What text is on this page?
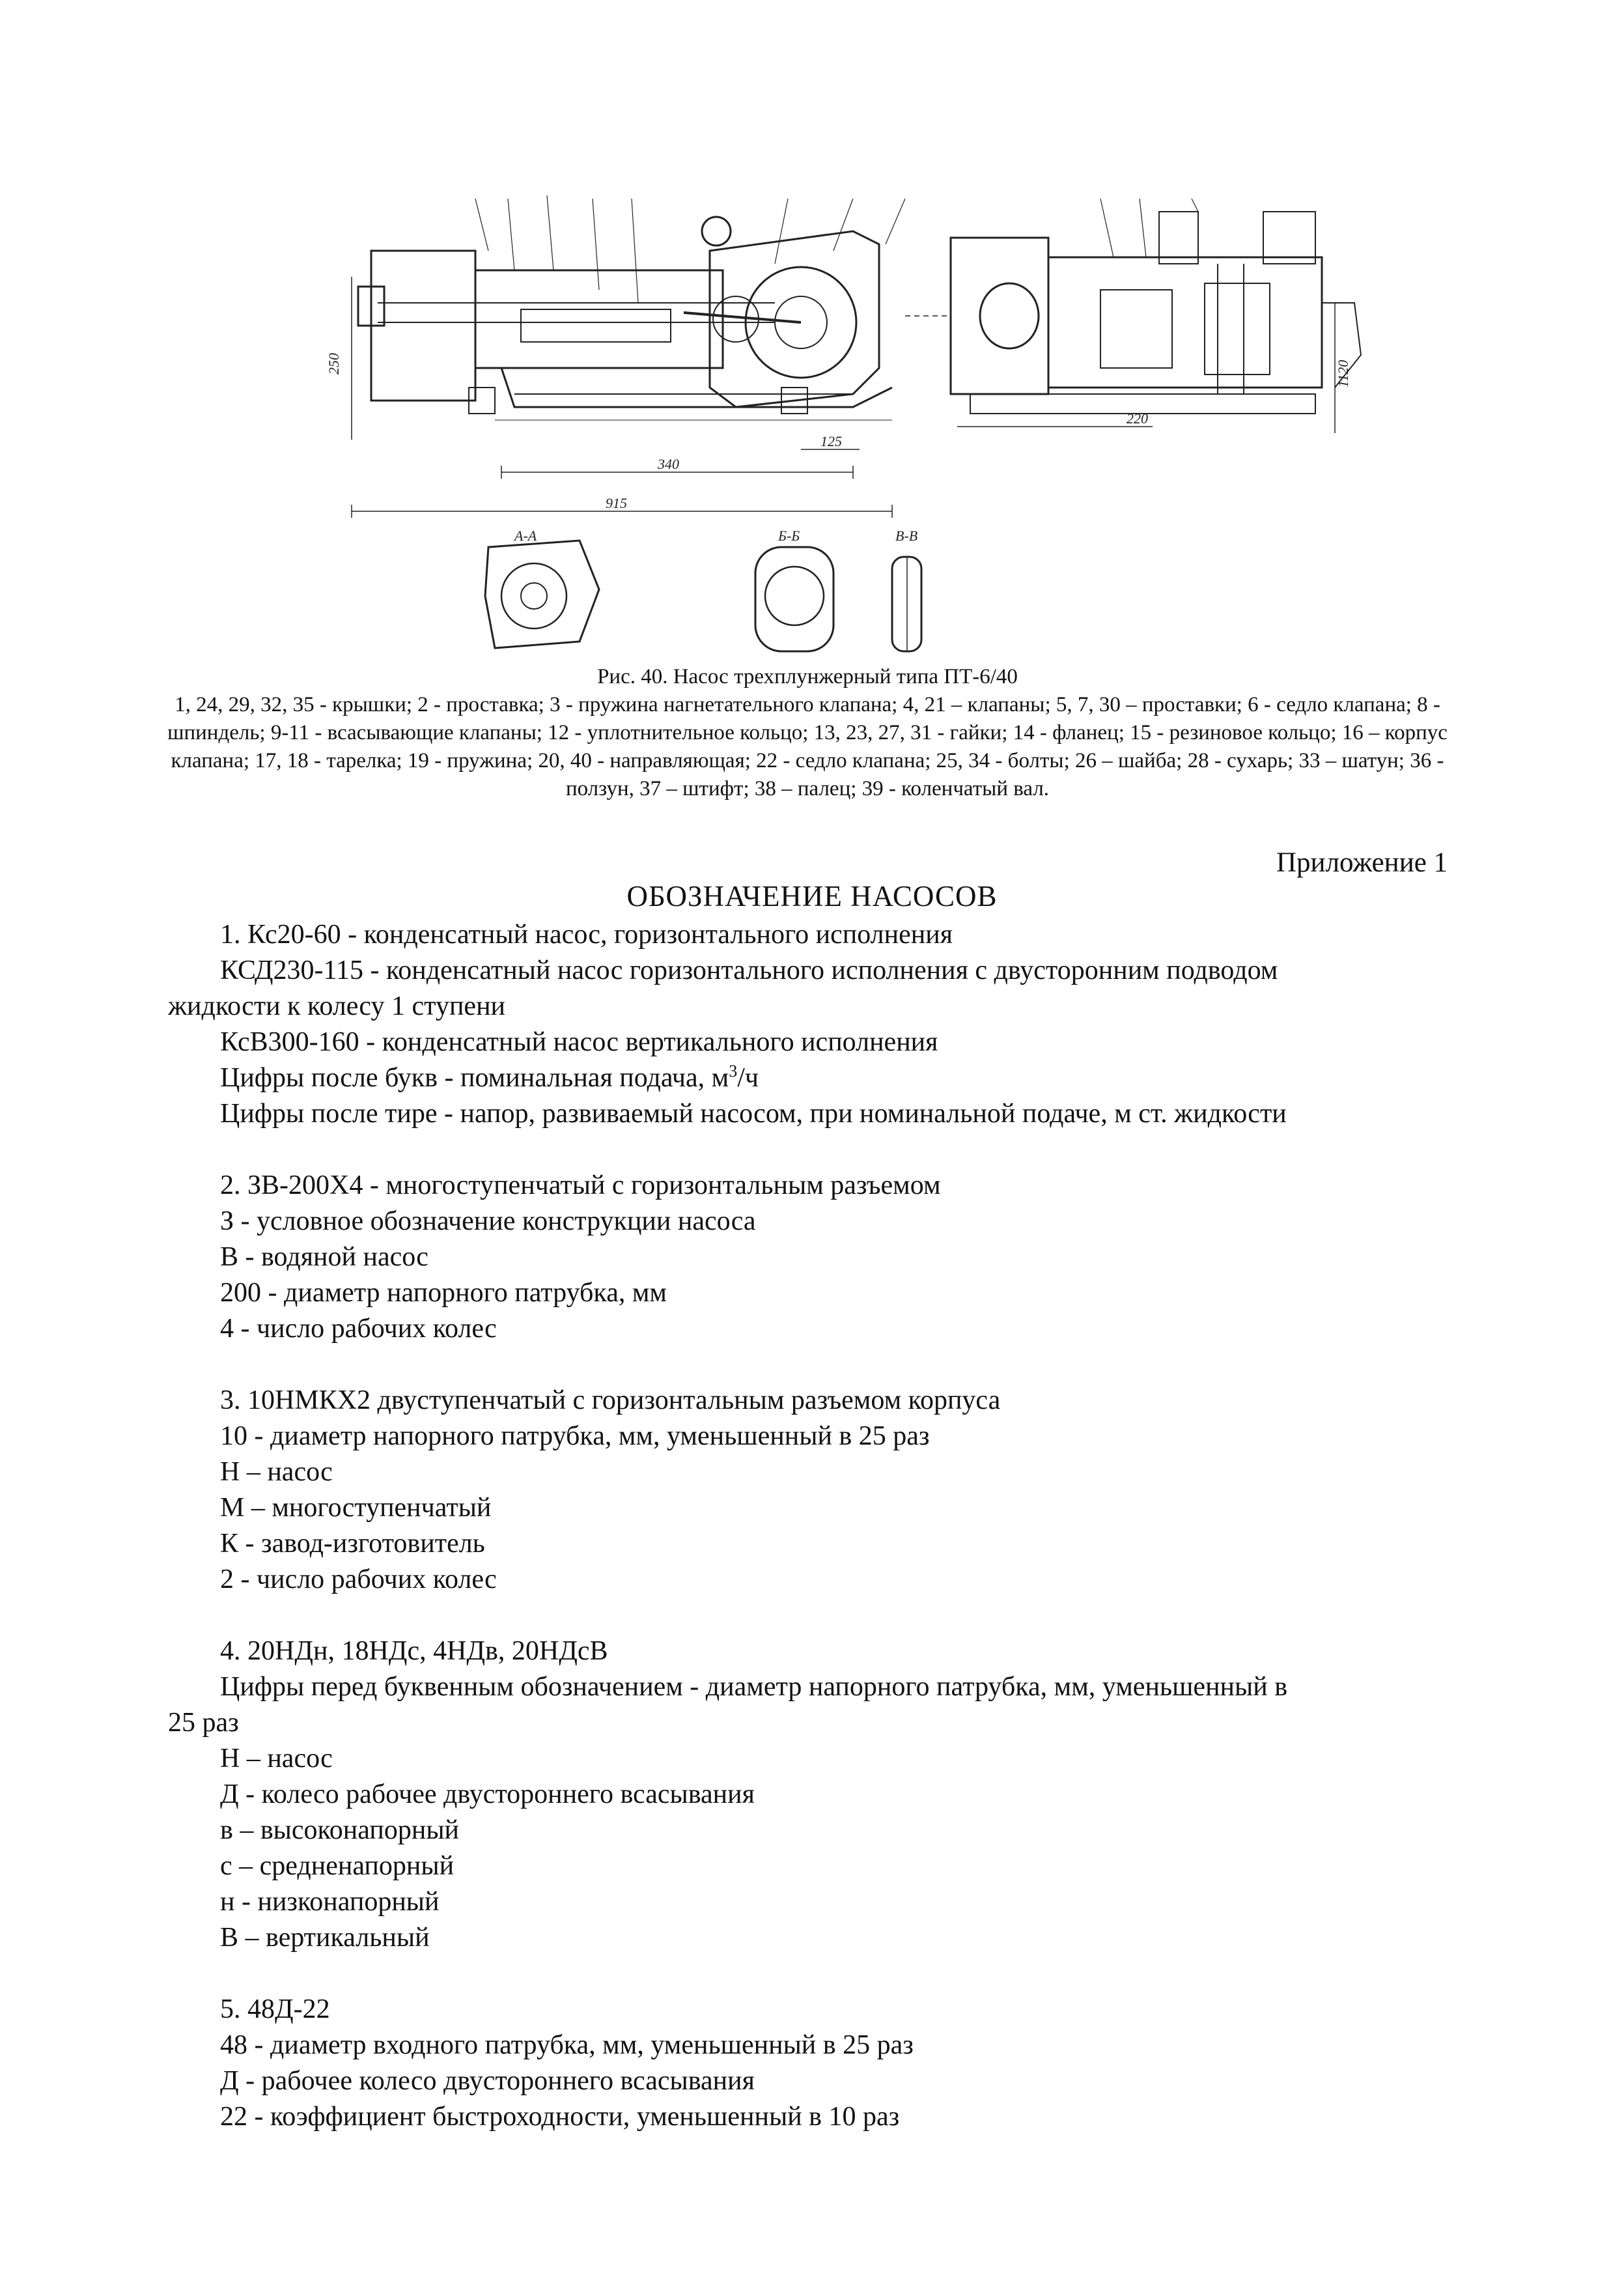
250
340
915
125
220
1120
А-А	Б-Б	В-В
Рис. 40. Насос трехплунжерный типа ПТ-6/40
1, 24, 29, 32, 35 - крышки; 2 - проставка; 3 - пружина нагнетательного клапана; 4, 21 – клапаны; 5, 7, 30 – проставки; 6 - седло клапана; 8 - шпиндель; 9-11 - всасывающие клапаны; 12 - уплотнительное кольцо; 13, 23, 27, 31 - гайки; 14 - фланец; 15 - резиновое кольцо; 16 – корпус клапана; 17, 18 - тарелка; 19 - пружина; 20, 40 - направляющая; 22 - седло клапана; 25, 34 - болты; 26 – шайба; 28 - сухарь; 33 – шатун; 36 - ползун, 37 – штифт; 38 – палец; 39 - коленчатый вал.
Приложение 1
ОБОЗНАЧЕНИЕ НАСОСОВ

1. Кс20-60 - конденсатный насос, горизонтального исполнения

КСД230-115 - конденсатный насос горизонтального исполнения с двусторонним подводом

жидкости к колесу 1 ступени

КсВ300-160 - конденсатный насос вертикального исполнения

Цифры после букв - поминальная подача, $м^3/ч$

Цифры после тире - напор, развиваемый насосом, при номинальной подаче, м ст. жидкости

2. ЗВ-200Х4 - многоступенчатый с горизонтальным разъемом

З - условное обозначение конструкции насоса

В - водяной насос

200 - диаметр напорного патрубка, мм

4 - число рабочих колес

3. 10НМКХ2 двуступенчатый с горизонтальным разъемом корпуса

10 - диаметр напорного патрубка, мм, уменьшенный в 25 раз

Н – насос

М – многоступенчатый

К - завод-изготовитель

2 - число рабочих колес

4. 20НДн, 18НДс, 4НДв, 20НДсВ

Цифры перед буквенным обозначением - диаметр напорного патрубка, мм, уменьшенный в

25 раз

Н – насос

Д - колесо рабочее двустороннего всасывания

в – высоконапорный

с – средненапорный

н - низконапорный

В – вертикальный

5. 48Д-22

48 - диаметр входного патрубка, мм, уменьшенный в 25 раз

Д - рабочее колесо двустороннего всасывания

22 - коэффициент быстроходности, уменьшенный в 10 раз
